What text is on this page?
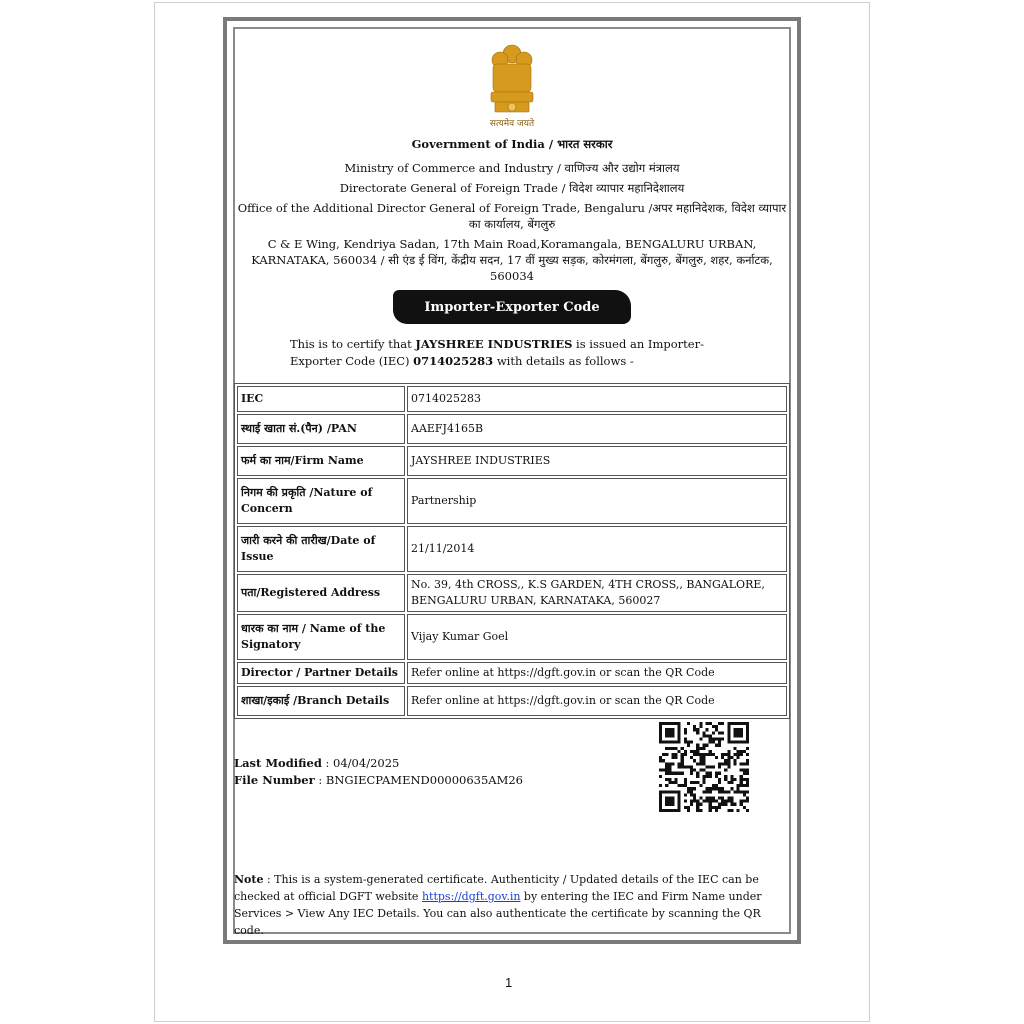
सत्यमेव जयते
Government of India / भारत सरकार
Ministry of Commerce and Industry / वाणिज्य और उद्योग मंत्रालय
Directorate General of Foreign Trade / विदेश व्यापार महानिदेशालय
Office of the Additional Director General of Foreign Trade, Bengaluru /अपर महानिदेशक, विदेश व्यापार का कार्यालय, बेंगलुरु
C & E Wing, Kendriya Sadan, 17th Main Road,Koramangala, BENGALURU URBAN, KARNATAKA, 560034 / सी एंड ई विंग, केंद्रीय सदन, 17 वीं मुख्य सड़क, कोरमंगला, बेंगलुरु, बेंगलुरु, शहर, कर्नाटक, 560034
Importer-Exporter Code
This is to certify that JAYSHREE INDUSTRIES is issued an Importer-Exporter Code (IEC) 0714025283 with details as follows -
IEC	0714025283
स्थाई खाता सं.(पैन) /PAN	AAEFJ4165B
फर्म का नाम/Firm Name	JAYSHREE INDUSTRIES
निगम की प्रकृति /Nature of Concern	Partnership
जारी करने की तारीख/Date of Issue	21/11/2014
पता/Registered Address	No. 39, 4th CROSS,, K.S GARDEN, 4TH CROSS,, BANGALORE, BENGALURU URBAN, KARNATAKA, 560027
धारक का नाम / Name of the Signatory	Vijay Kumar Goel
Director / Partner Details	Refer online at https://dgft.gov.in or scan the QR Code
शाखा/इकाई /Branch Details	Refer online at https://dgft.gov.in or scan the QR Code
Last Modified : 04/04/2025
File Number : BNGIECPAMEND00000635AM26
Note : This is a system-generated certificate. Authenticity / Updated details of the IEC can be checked at official DGFT website https://dgft.gov.in by entering the IEC and Firm Name under Services > View Any IEC Details. You can also authenticate the certificate by scanning the QR code.
1
